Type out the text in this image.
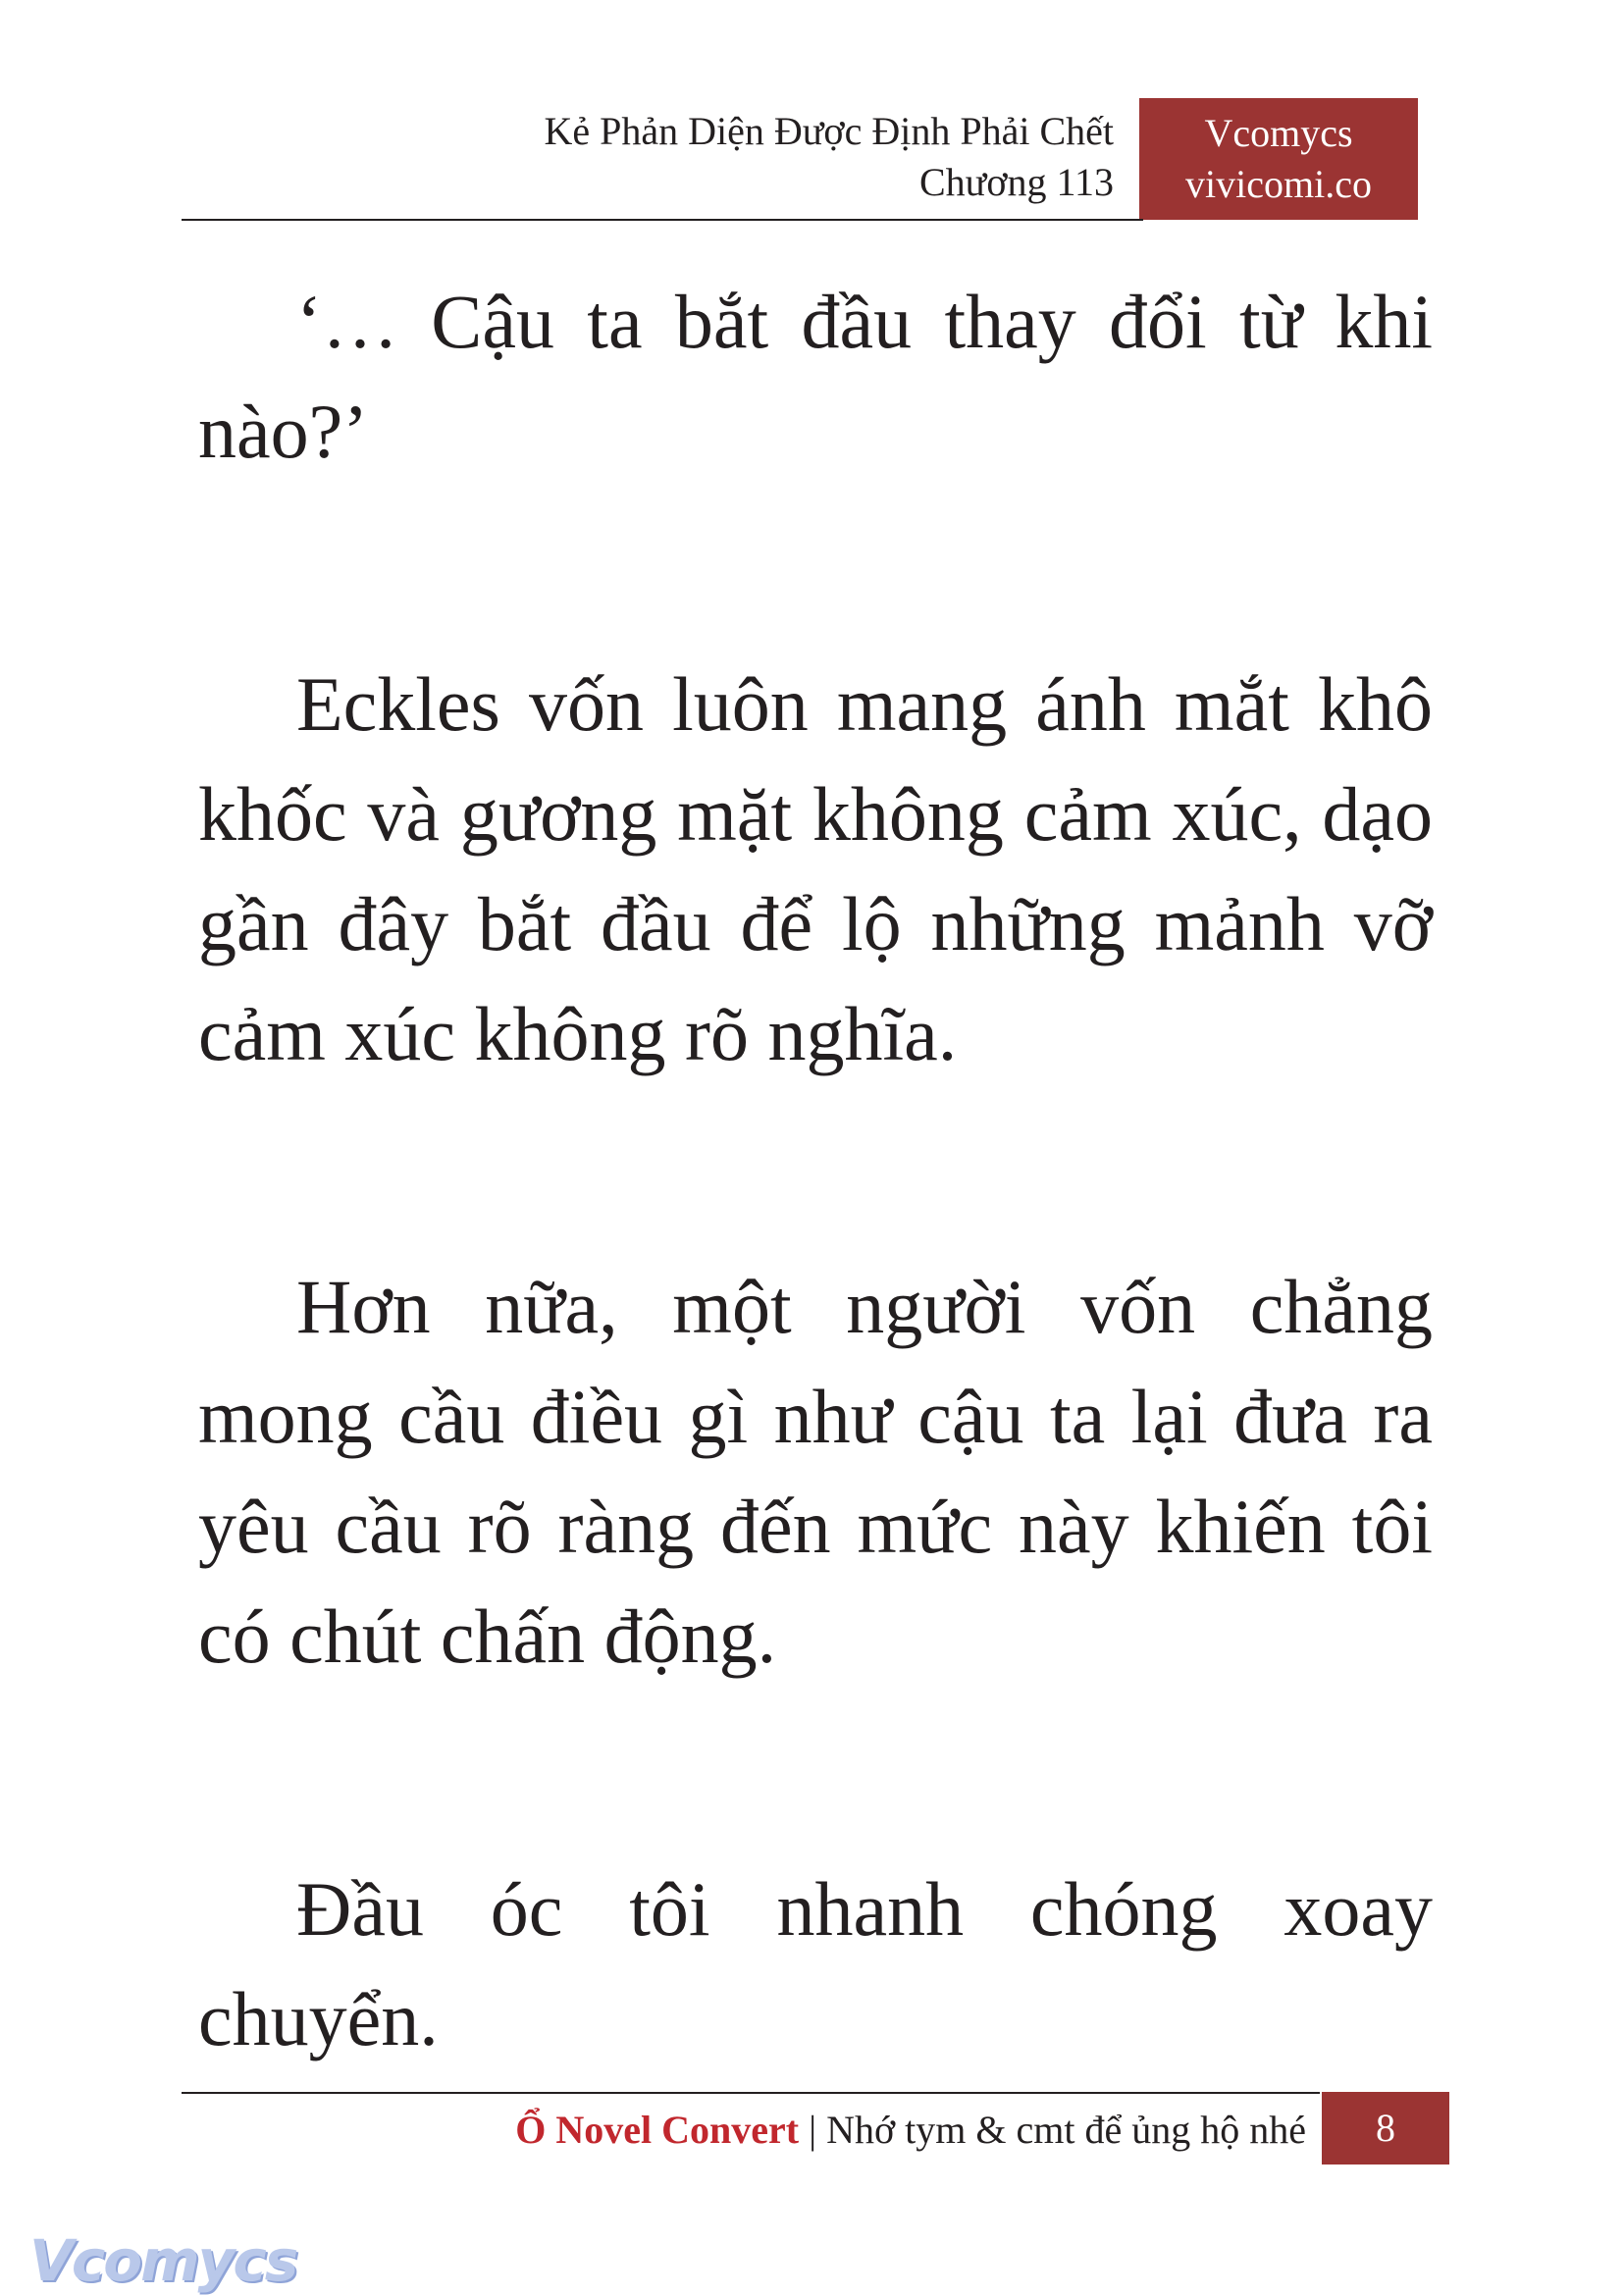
Kẻ Phản Diện Được Định Phải Chết
Chương 113
Vcomycs
vivicomi.co

‘… Cậu ta bắt đầu thay đổi từ khi nào?’

Eckles vốn luôn mang ánh mắt khô khốc và gương mặt không cảm xúc, dạo gần đây bắt đầu để lộ những mảnh vỡ cảm xúc không rõ nghĩa.

Hơn nữa, một người vốn chẳng mong cầu điều gì như cậu ta lại đưa ra yêu cầu rõ ràng đến mức này khiến tôi có chút chấn động.

Đầu óc tôi nhanh chóng xoay chuyển.

Ổ Novel Convert | Nhớ tym & cmt để ủng hộ nhé	8
Vcomycs
